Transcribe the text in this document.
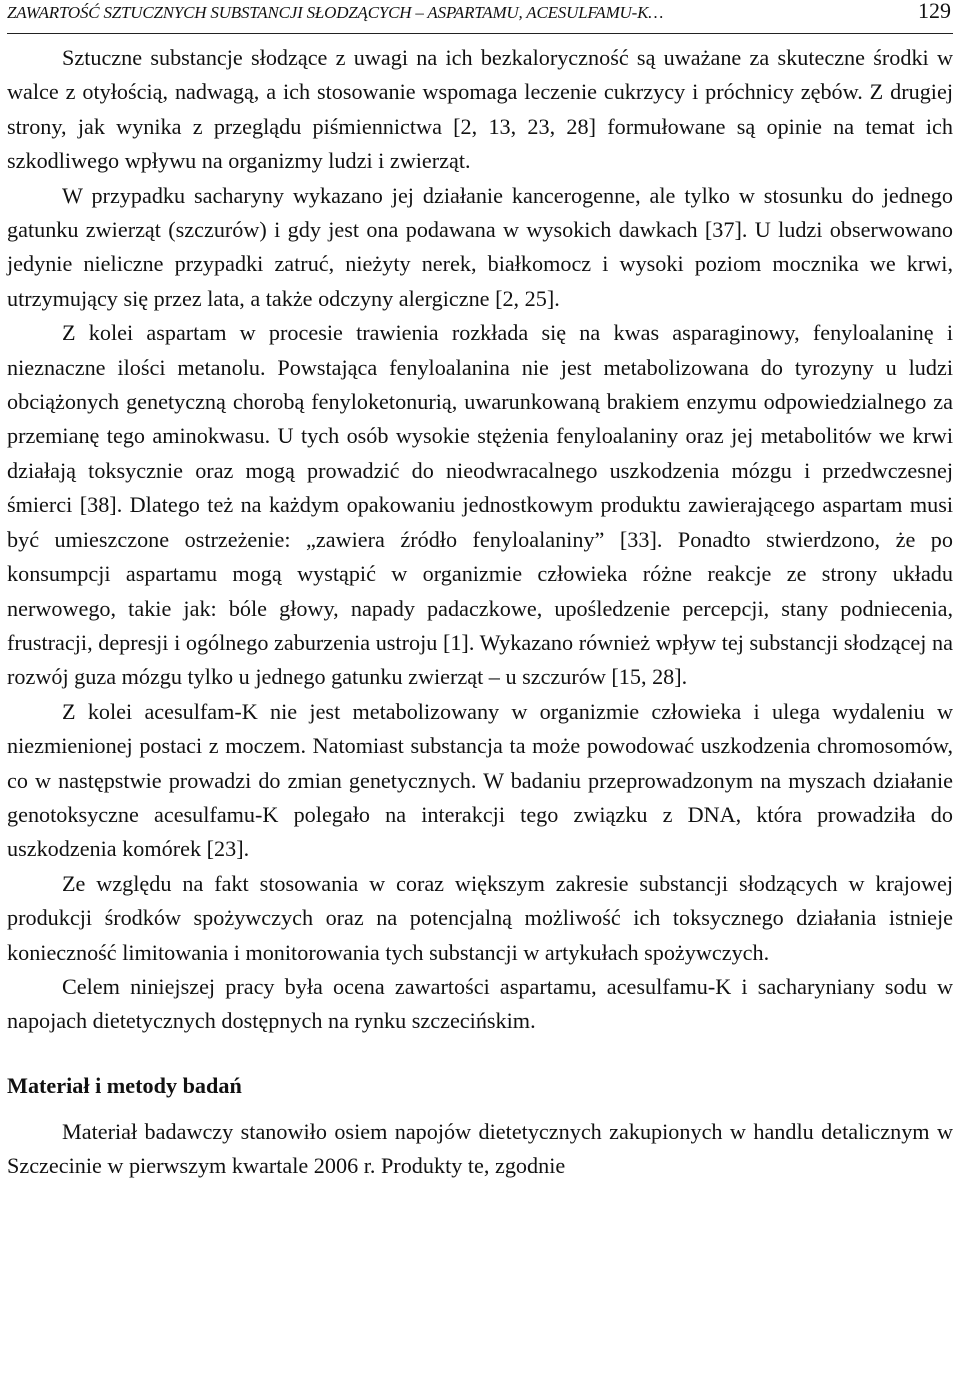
ZAWARTOŚĆ SZTUCZNYCH SUBSTANCJI SŁODZĄCYCH – ASPARTAMU, ACESULFAMU-K…	129

Sztuczne substancje słodzące z uwagi na ich bezkaloryczność są uważane za skuteczne środki w walce z otyłością, nadwagą, a ich stosowanie wspomaga leczenie cukrzycy i próchnicy zębów. Z drugiej strony, jak wynika z przeglądu piśmiennictwa [2, 13, 23, 28] formułowane są opinie na temat ich szkodliwego wpływu na organizmy ludzi i zwierząt.

W przypadku sacharyny wykazano jej działanie kancerogenne, ale tylko w stosunku do jednego gatunku zwierząt (szczurów) i gdy jest ona podawana w wysokich dawkach [37]. U ludzi obserwowano jedynie nieliczne przypadki zatruć, nieżyty nerek, białkomocz i wysoki poziom mocznika we krwi, utrzymujący się przez lata, a także odczyny alergiczne [2, 25].

Z kolei aspartam w procesie trawienia rozkłada się na kwas asparaginowy, fenyloalaninę i nieznaczne ilości metanolu. Powstająca fenyloalanina nie jest metabolizowana do tyrozyny u ludzi obciążonych genetyczną chorobą fenyloketonurią, uwarunkowaną brakiem enzymu odpowiedzialnego za przemianę tego aminokwasu. U tych osób wysokie stężenia fenyloalaniny oraz jej metabolitów we krwi działają toksycznie oraz mogą prowadzić do nieodwracalnego uszkodzenia mózgu i przedwczesnej śmierci [38]. Dlatego też na każdym opakowaniu jednostkowym produktu zawierającego aspartam musi być umieszczone ostrzeżenie: „zawiera źródło fenyloalaniny” [33]. Ponadto stwierdzono, że po konsumpcji aspartamu mogą wystąpić w organizmie człowieka różne reakcje ze strony układu nerwowego, takie jak: bóle głowy, napady padaczkowe, upośledzenie percepcji, stany podniecenia, frustracji, depresji i ogólnego zaburzenia ustroju [1]. Wykazano również wpływ tej substancji słodzącej na rozwój guza mózgu tylko u jednego gatunku zwierząt – u szczurów [15, 28].

Z kolei acesulfam-K nie jest metabolizowany w organizmie człowieka i ulega wydaleniu w niezmienionej postaci z moczem. Natomiast substancja ta może powodować uszkodzenia chromosomów, co w następstwie prowadzi do zmian genetycznych. W badaniu przeprowadzonym na myszach działanie genotoksyczne acesulfamu-K polegało na interakcji tego związku z DNA, która prowadziła do uszkodzenia komórek [23].

Ze względu na fakt stosowania w coraz większym zakresie substancji słodzących w krajowej produkcji środków spożywczych oraz na potencjalną możliwość ich toksycznego działania istnieje konieczność limitowania i monitorowania tych substancji w artykułach spożywczych.

Celem niniejszej pracy była ocena zawartości aspartamu, acesulfamu-K i sacharyniany sodu w napojach dietetycznych dostępnych na rynku szczecińskim.

Materiał i metody badań

Materiał badawczy stanowiło osiem napojów dietetycznych zakupionych w handlu detalicznym w Szczecinie w pierwszym kwartale 2006 r. Produkty te, zgodnie
